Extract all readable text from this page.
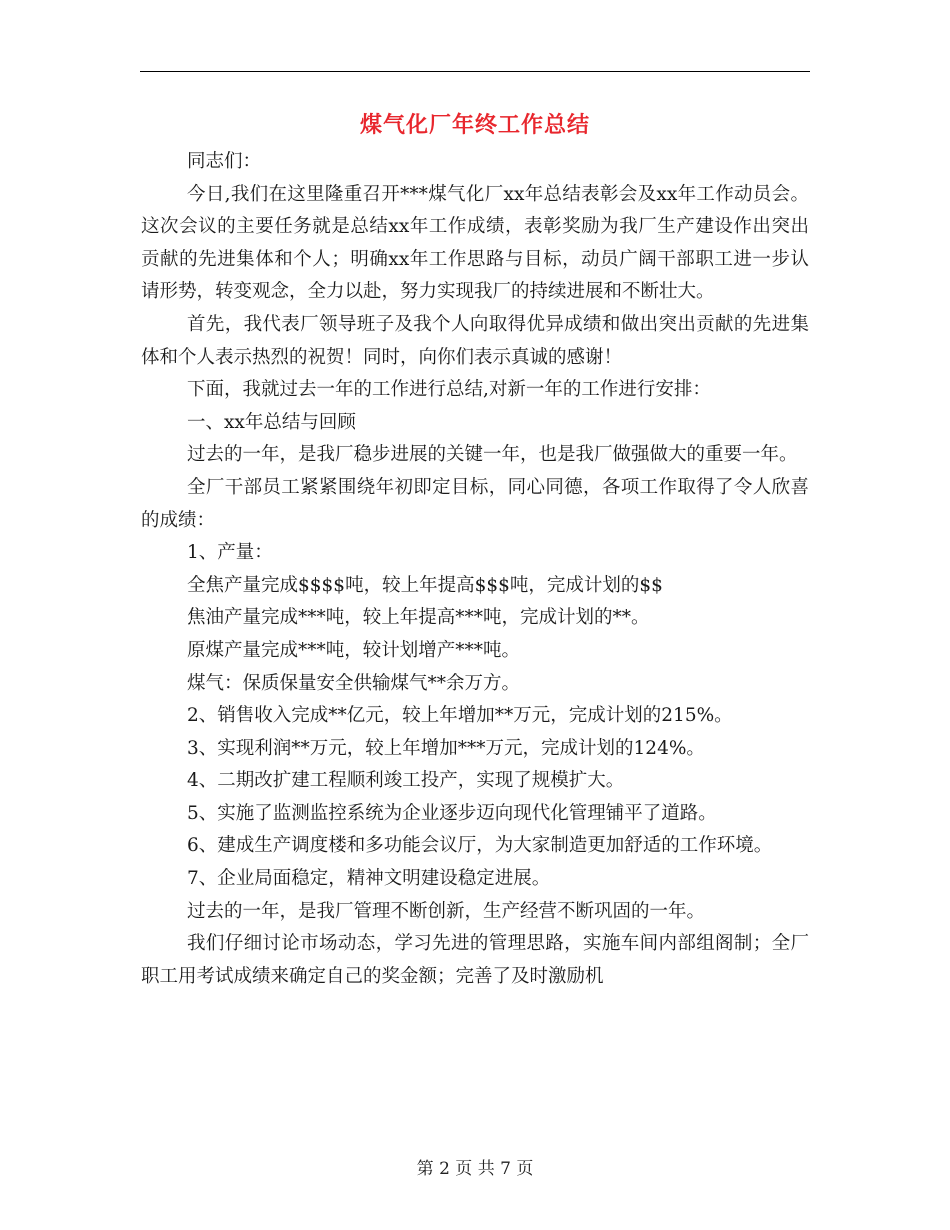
煤气化厂年终工作总结

同志们：

今日,我们在这里隆重召开***煤气化厂xx年总结表彰会及xx年工作动员会。这次会议的主要任务就是总结xx年工作成绩，表彰奖励为我厂生产建设作出突出贡献的先进集体和个人；明确xx年工作思路与目标，动员广阔干部职工进一步认请形势，转变观念，全力以赴，努力实现我厂的持续进展和不断壮大。

首先，我代表厂领导班子及我个人向取得优异成绩和做出突出贡献的先进集体和个人表示热烈的祝贺！同时，向你们表示真诚的感谢！

下面，我就过去一年的工作进行总结,对新一年的工作进行安排：

一、xx年总结与回顾

过去的一年，是我厂稳步进展的关键一年，也是我厂做强做大的重要一年。

全厂干部员工紧紧围绕年初即定目标，同心同德，各项工作取得了令人欣喜的成绩：

1、产量：

全焦产量完成$$$$吨，较上年提高$$$吨，完成计划的$$

焦油产量完成***吨，较上年提高***吨，完成计划的**。

原煤产量完成***吨，较计划增产***吨。

煤气：保质保量安全供输煤气**余万方。

2、销售收入完成**亿元，较上年增加**万元，完成计划的215%。

3、实现利润**万元，较上年增加***万元，完成计划的124%。

4、二期改扩建工程顺利竣工投产，实现了规模扩大。

5、实施了监测监控系统为企业逐步迈向现代化管理铺平了道路。

6、建成生产调度楼和多功能会议厅，为大家制造更加舒适的工作环境。

7、企业局面稳定，精神文明建设稳定进展。

过去的一年，是我厂管理不断创新，生产经营不断巩固的一年。

我们仔细讨论市场动态，学习先进的管理思路，实施车间内部组阁制；全厂职工用考试成绩来确定自己的奖金额；完善了及时激励机

第 2 页 共 7 页
